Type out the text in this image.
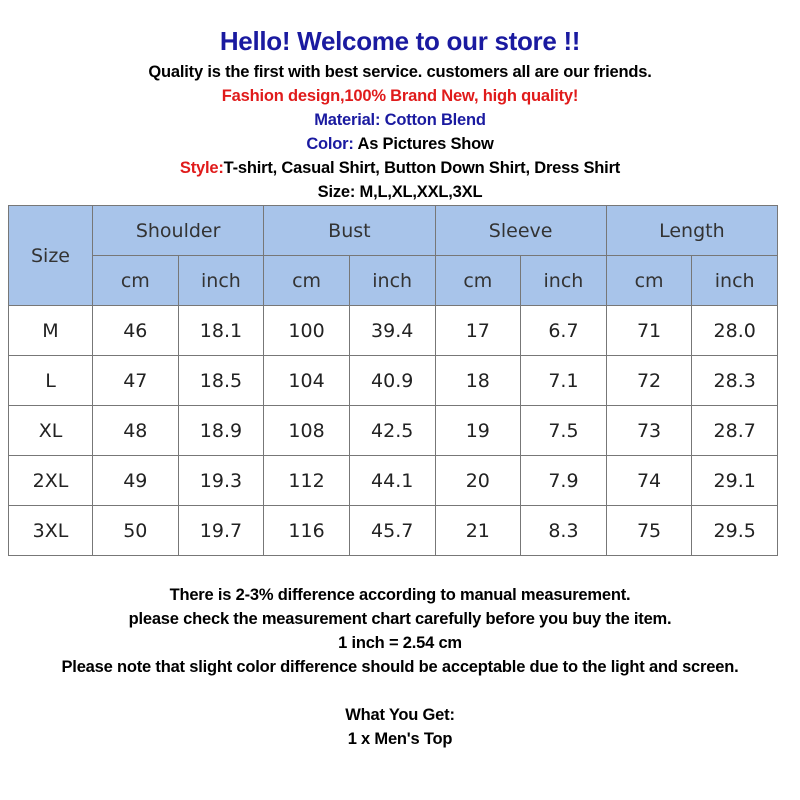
Hello! Welcome to our store !!
Quality is the first with best service. customers all are our friends.
Fashion design,100% Brand New, high quality!
Material: Cotton Blend
Color: As Pictures Show
Style:T-shirt, Casual Shirt, Button Down Shirt, Dress Shirt
Size: M,L,XL,XXL,3XL
Size	Shoulder		Bust		Sleeve		Length	
	cm	inch	cm	inch	cm	inch	cm	inch
M	46	18.1	100	39.4	17	6.7	71	28.0
L	47	18.5	104	40.9	18	7.1	72	28.3
XL	48	18.9	108	42.5	19	7.5	73	28.7
2XL	49	19.3	112	44.1	20	7.9	74	29.1
3XL	50	19.7	116	45.7	21	8.3	75	29.5
There is 2-3% difference according to manual measurement.
please check the measurement chart carefully before you buy the item.
1 inch = 2.54 cm
Please note that slight color difference should be acceptable due to the light and screen.
What You Get:
1 x Men's Top
